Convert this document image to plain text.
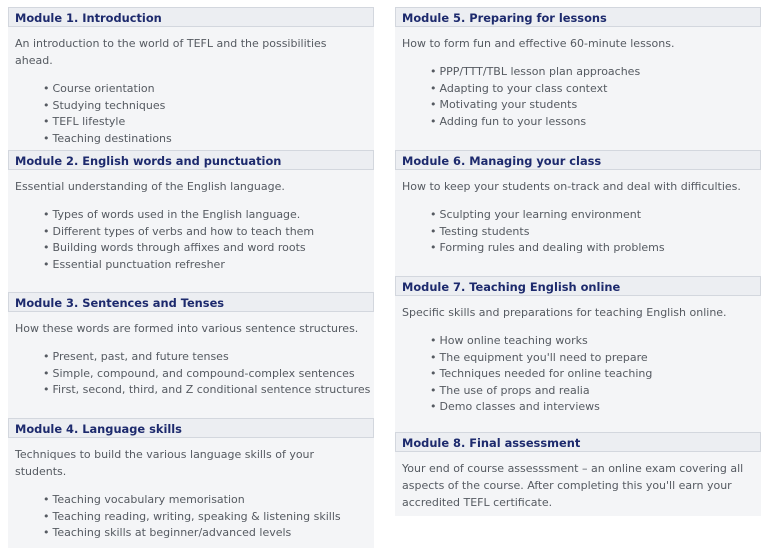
Module 1. Introduction

An introduction to the world of TEFL and the possibilities ahead.

• Course orientation
• Studying techniques
• TEFL lifestyle
• Teaching destinations
Module 2. English words and punctuation

Essential understanding of the English language.

• Types of words used in the English language.
• Different types of verbs and how to teach them
• Building words through affixes and word roots
• Essential punctuation refresher
Module 3. Sentences and Tenses

How these words are formed into various sentence structures.

• Present, past, and future tenses
• Simple, compound, and compound-complex sentences
• First, second, third, and Z conditional sentence structures
Module 4. Language skills

Techniques to build the various language skills of your students.

• Teaching vocabulary memorisation
• Teaching reading, writing, speaking & listening skills
• Teaching skills at beginner/advanced levels
Module 5. Preparing for lessons

How to form fun and effective 60-minute lessons.

• PPP/TTT/TBL lesson plan approaches
• Adapting to your class context
• Motivating your students
• Adding fun to your lessons
Module 6. Managing your class

How to keep your students on-track and deal with difficulties.

• Sculpting your learning environment
• Testing students
• Forming rules and dealing with problems
Module 7. Teaching English online

Specific skills and preparations for teaching English online.

• How online teaching works
• The equipment you'll need to prepare
• Techniques needed for online teaching
• The use of props and realia
• Demo classes and interviews
Module 8. Final assessment

Your end of course assesssment – an online exam covering all aspects of the course. After completing this you'll earn your accredited TEFL certificate.
